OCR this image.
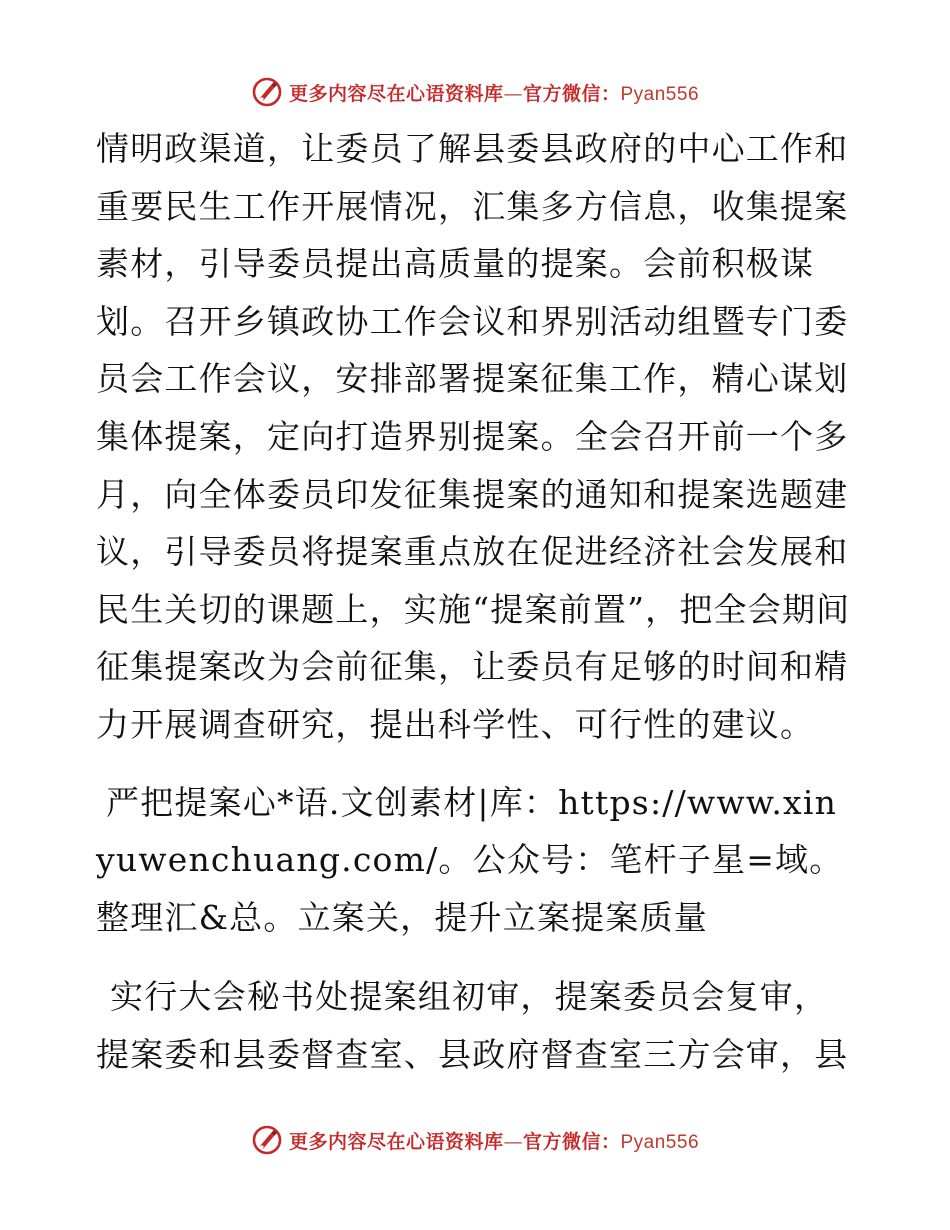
更多内容尽在心语资料库—官方微信：Pyan556

情明政渠道，让委员了解县委县政府的中心工作和重要民生工作开展情况，汇集多方信息，收集提案素材，引导委员提出高质量的提案。会前积极谋划。召开乡镇政协工作会议和界别活动组暨专门委员会工作会议，安排部署提案征集工作，精心谋划集体提案，定向打造界别提案。全会召开前一个多月，向全体委员印发征集提案的通知和提案选题建议，引导委员将提案重点放在促进经济社会发展和民生关切的课题上，实施“提案前置”，把全会期间征集提案改为会前征集，让委员有足够的时间和精力开展调查研究，提出科学性、可行性的建议。

严把提案心*语.文创素材|库：https://www.xinyuwenchuang.com/。公众号：笔杆子星=域。整理汇&总。立案关，提升立案提案质量

实行大会秘书处提案组初审，提案委员会复审，提案委和县委督查室、县政府督查室三方会审，县

更多内容尽在心语资料库—官方微信：Pyan556
